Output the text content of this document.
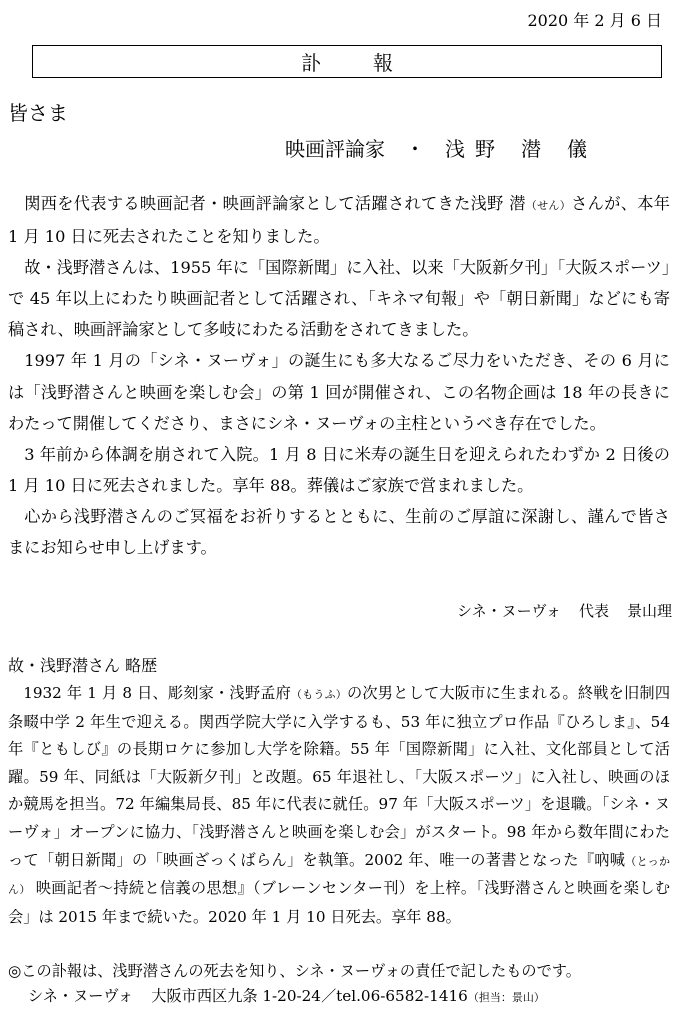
2020 年 2 月 6 日
訃	報
皆さま
映画評論家 ・ 浅 野 潜 儀

関西を代表する映画記者・映画評論家として活躍されてきた浅野 潜（せん）さんが、本年 1 月 10 日に死去されたことを知りました。

故・浅野潜さんは、1955 年に「国際新聞」に入社、以来「大阪新夕刊」「大阪スポーツ」で 45 年以上にわたり映画記者として活躍され、「キネマ旬報」や「朝日新聞」などにも寄稿され、映画評論家として多岐にわたる活動をされてきました。

1997 年 1 月の「シネ・ヌーヴォ」の誕生にも多大なるご尽力をいただき、その 6 月には「浅野潜さんと映画を楽しむ会」の第 1 回が開催され、この名物企画は 18 年の長きにわたって開催してくださり、まさにシネ・ヌーヴォの主柱というべき存在でした。

3 年前から体調を崩されて入院。1 月 8 日に米寿の誕生日を迎えられたわずか 2 日後の 1 月 10 日に死去されました。享年 88。葬儀はご家族で営まれました。

心から浅野潜さんのご冥福をお祈りするとともに、生前のご厚誼に深謝し、謹んで皆さまにお知らせ申し上げます。

シネ・ヌーヴォ 代表 景山理
故・浅野潜さん 略歴

1932 年 1 月 8 日、彫刻家・浅野孟府（もうふ）の次男として大阪市に生まれる。終戦を旧制四条畷中学 2 年生で迎える。関西学院大学に入学するも、53 年に独立プロ作品『ひろしま』、54 年『ともしび』の長期ロケに参加し大学を除籍。55 年「国際新聞」に入社、文化部員として活躍。59 年、同紙は「大阪新夕刊」と改題。65 年退社し、「大阪スポーツ」に入社し、映画のほか競馬を担当。72 年編集局長、85 年に代表に就任。97 年「大阪スポーツ」を退職。「シネ・ヌーヴォ」オープンに協力、「浅野潜さんと映画を楽しむ会」がスタート。98 年から数年間にわたって「朝日新聞」の「映画ざっくばらん」を執筆。2002 年、唯一の著書となった『吶喊（とっかん） 映画記者～持続と信義の思想』（ブレーンセンター刊）を上梓。「浅野潜さんと映画を楽しむ会」は 2015 年まで続いた。2020 年 1 月 10 日死去。享年 88。

◎この訃報は、浅野潜さんの死去を知り、シネ・ヌーヴォの責任で記したものです。
シネ・ヌーヴォ 大阪市西区九条 1-20-24／tel.06-6582-1416（担当：景山）
